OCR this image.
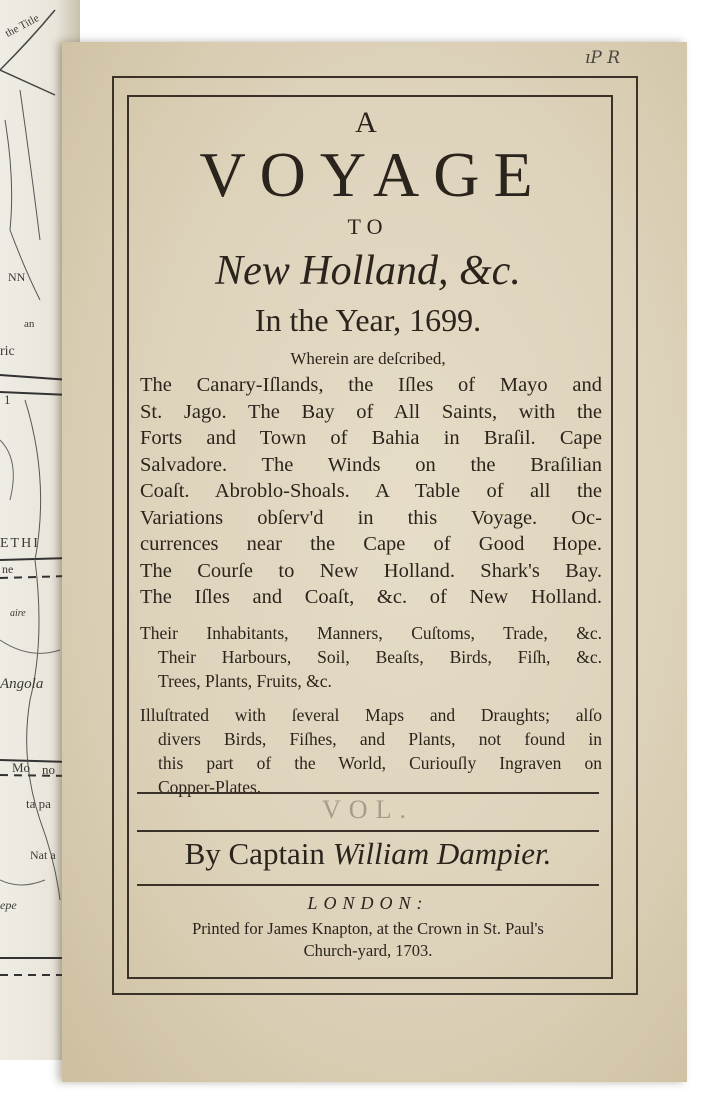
the Title
NN
an
ric
1
ETHI
ne
aire
Angola
Mo no
ta pa
Nat a
epe
ıP R
A
VOYAGE
TO
New Holland, &c.
In the Year, 1699.
Wherein are deſcribed,
The Canary-Iſlands, the Iſles of Mayo and
St. Jago. The Bay of All Saints, with the
Forts and Town of Bahia in Braſil. Cape
Salvadore. The Winds on the Braſilian
Coaſt. Abroblo-Shoals. A Table of all the
Variations obſerv'd in this Voyage. Oc-
currences near the Cape of Good Hope.
The Courſe to New Holland. Shark's Bay.
The Iſles and Coaſt, &c. of New Holland.
Their Inhabitants, Manners, Cuſtoms, Trade, &c.
Their Harbours, Soil, Beaſts, Birds, Fiſh, &c.
Trees, Plants, Fruits, &c.
Illuſtrated with ſeveral Maps and Draughts; alſo
divers Birds, Fiſhes, and Plants, not found in
this part of the World, Curiouſly Ingraven on
Copper-Plates.
VOL.
By Captain William Dampier.
LONDON:
Printed for James Knapton, at the Crown in St. Paul's
Church-yard, 1703.
